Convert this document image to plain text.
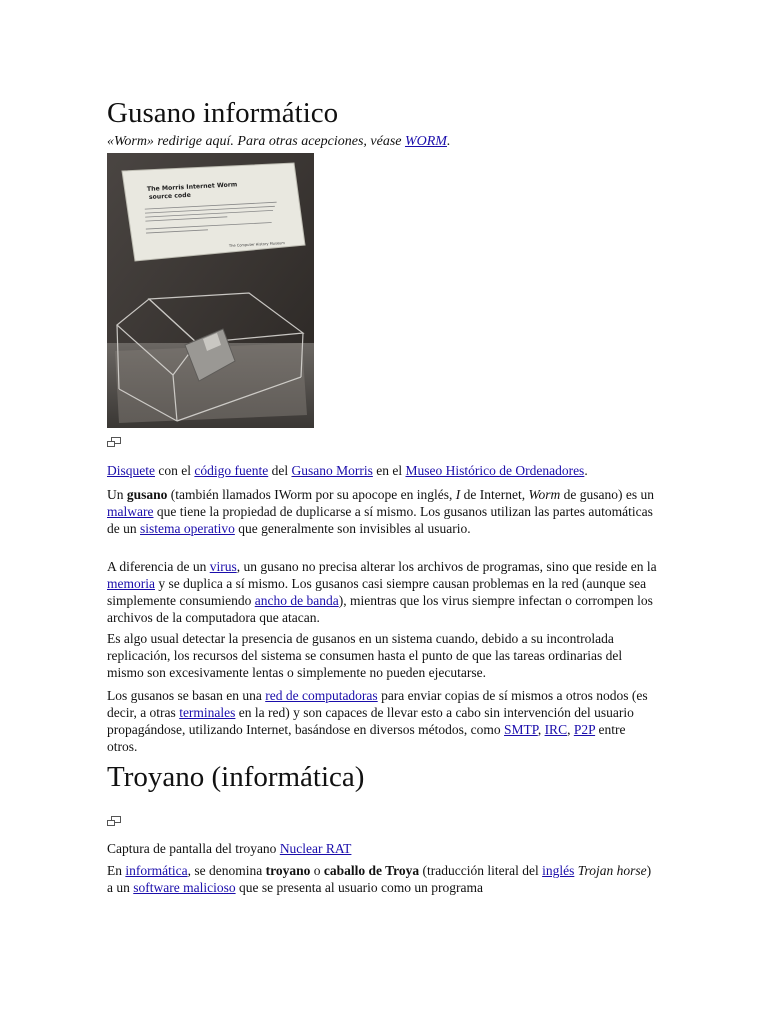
Gusano informático
«Worm» redirige aquí. Para otras acepciones, véase WORM.
The Morris Internet Worm
source code
The Computer History Museum

Disquete con el código fuente del Gusano Morris en el Museo Histórico de Ordenadores.

Un gusano (también llamados IWorm por su apocope en inglés, I de Internet, Worm de gusano) es un malware que tiene la propiedad de duplicarse a sí mismo. Los gusanos utilizan las partes automáticas de un sistema operativo que generalmente son invisibles al usuario.

A diferencia de un virus, un gusano no precisa alterar los archivos de programas, sino que reside en la memoria y se duplica a sí mismo. Los gusanos casi siempre causan problemas en la red (aunque sea simplemente consumiendo ancho de banda), mientras que los virus siempre infectan o corrompen los archivos de la computadora que atacan.

Es algo usual detectar la presencia de gusanos en un sistema cuando, debido a su incontrolada replicación, los recursos del sistema se consumen hasta el punto de que las tareas ordinarias del mismo son excesivamente lentas o simplemente no pueden ejecutarse.

Los gusanos se basan en una red de computadoras para enviar copias de sí mismos a otros nodos (es decir, a otras terminales en la red) y son capaces de llevar esto a cabo sin intervención del usuario propagándose, utilizando Internet, basándose en diversos métodos, como SMTP, IRC, P2P entre otros.

Troyano (informática)

Captura de pantalla del troyano Nuclear RAT

En informática, se denomina troyano o caballo de Troya (traducción literal del inglés Trojan horse) a un software malicioso que se presenta al usuario como un programa
